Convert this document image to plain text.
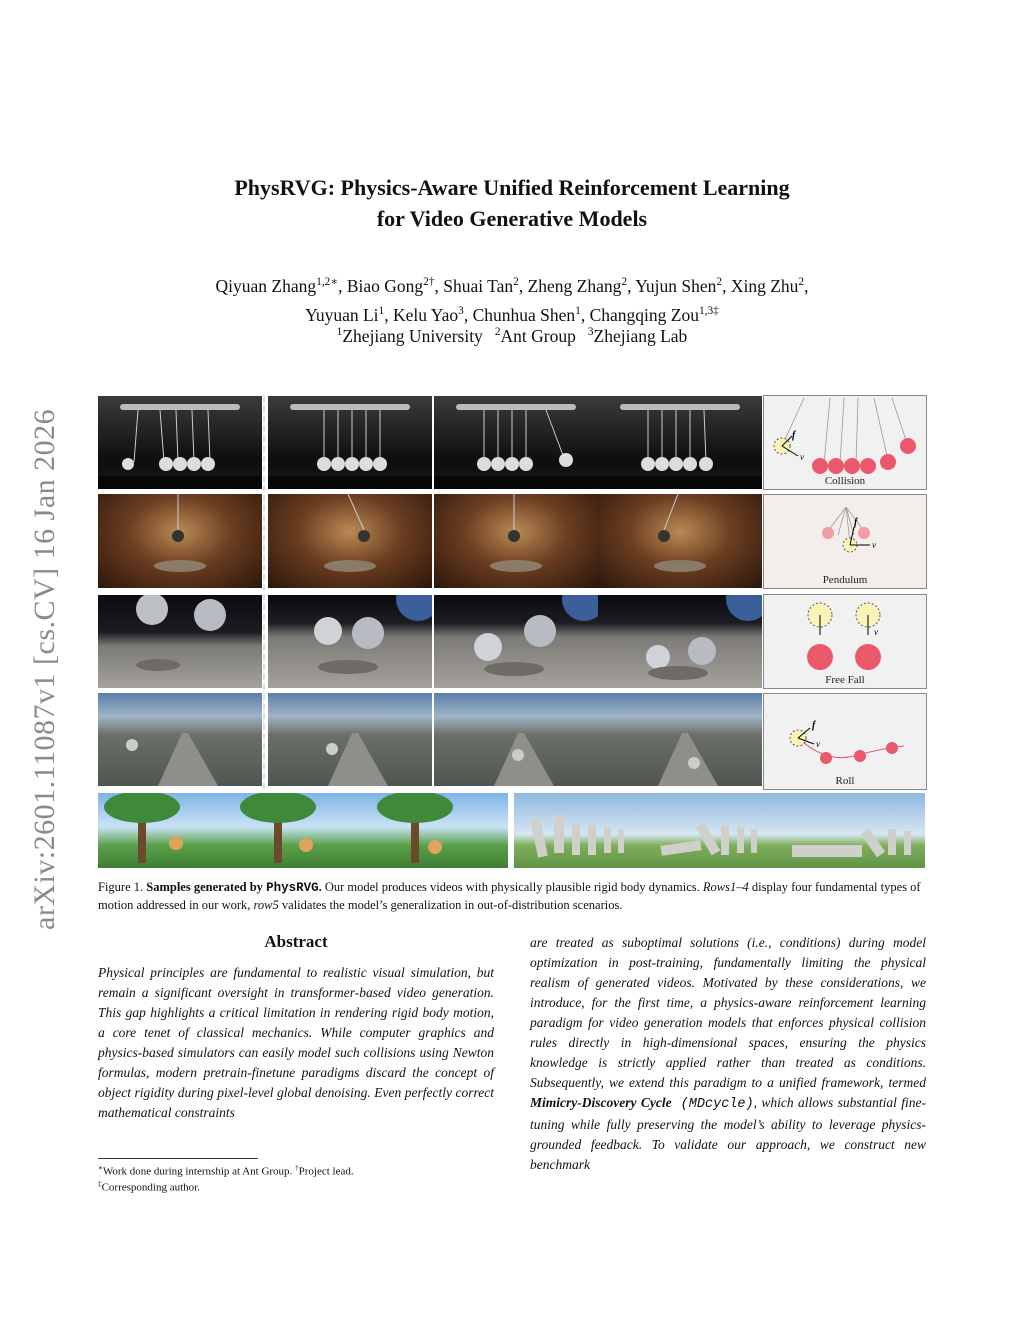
arXiv:2601.11087v1 [cs.CV] 16 Jan 2026
PhysRVG: Physics-Aware Unified Reinforcement Learning
for Video Generative Models
Qiyuan Zhang$^{1,2∗}$, Biao Gong$^{2\dagger}$, Shuai Tan$^2$, Zheng Zhang$^2$, Yujun Shen$^2$, Xing Zhu$^2$,
Yuyuan Li$^1$, Kelu Yao$^3$, Chunhua Shen$^1$, Changqing Zou$^{1,3\ddagger}$
$^1$Zhejiang University $^2$Ant Group $^3$Zhejiang Lab
f
v
Collision
v
f
Pendulum
v
Free Fall
f
v
Roll
Figure 1. Samples generated by PhysRVG. Our model produces videos with physically plausible rigid body dynamics. Rows1–4 display four fundamental types of motion addressed in our work, row5 validates the model’s generalization in out-of-distribution scenarios.
Abstract
Physical principles are fundamental to realistic visual simulation, but remain a significant oversight in transformer-based video generation. This gap highlights a critical limitation in rendering rigid body motion, a core tenet of classical mechanics. While computer graphics and physics-based simulators can easily model such collisions using Newton formulas, modern pretrain-finetune paradigms discard the concept of object rigidity during pixel-level global denoising. Even perfectly correct mathematical constraints
are treated as suboptimal solutions (i.e., conditions) during model optimization in post-training, fundamentally limiting the physical realism of generated videos. Motivated by these considerations, we introduce, for the first time, a physics-aware reinforcement learning paradigm for video generation models that enforces physical collision rules directly in high-dimensional spaces, ensuring the physics knowledge is strictly applied rather than treated as conditions. Subsequently, we extend this paradigm to a unified framework, termed Mimicry-Discovery Cycle (MDcycle), which allows substantial fine-tuning while fully preserving the model’s ability to leverage physics-grounded feedback. To validate our approach, we construct new benchmark
∗Work done during internship at Ant Group. †Project lead.
‡Corresponding author.
